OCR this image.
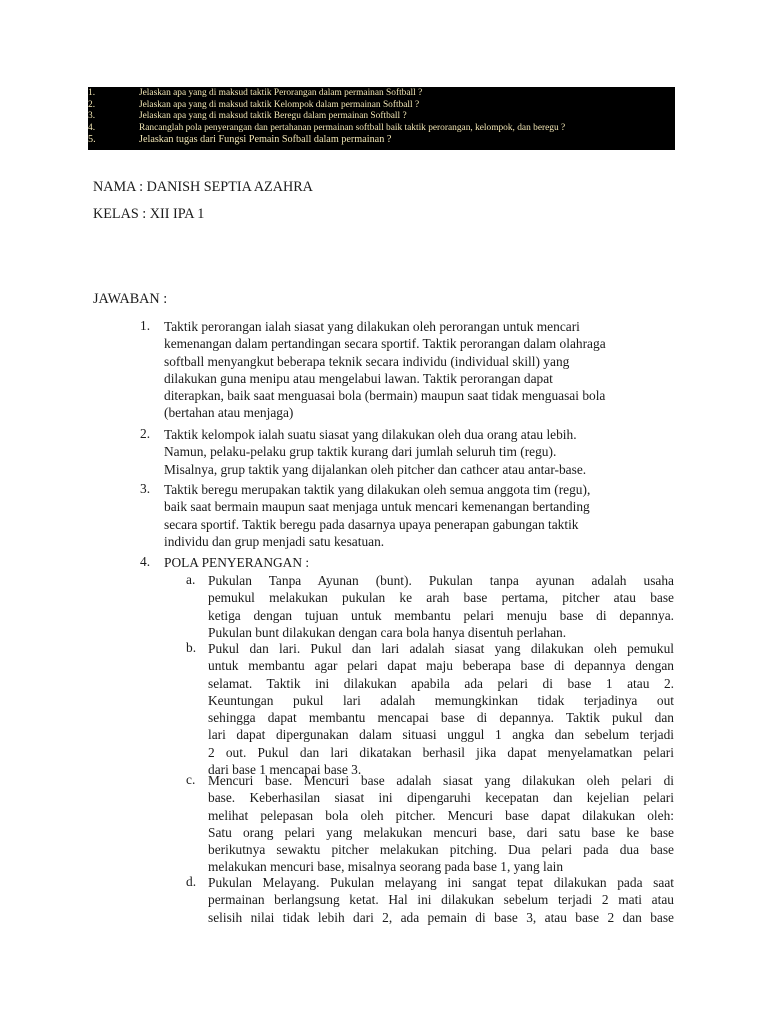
1.	Jelaskan apa yang di maksud taktik Perorangan dalam permainan Softball ?
2.	Jelaskan apa yang di maksud taktik Kelompok dalam permainan Softball ?
3.	Jelaskan apa yang di maksud taktik Beregu dalam permainan Softball ?
4.	Rancanglah pola penyerangan dan pertahanan permainan softball baik taktik perorangan, kelompok, dan beregu ?
5.	Jelaskan tugas dari Fungsi Pemain Sofball dalam permainan ?
NAMA : DANISH SEPTIA AZAHRA
KELAS : XII IPA 1
JAWABAN :
1. Taktik perorangan ialah siasat yang dilakukan oleh perorangan untuk mencari
kemenangan dalam pertandingan secara sportif. Taktik perorangan dalam olahraga
softball menyangkut beberapa teknik secara individu (individual skill) yang
dilakukan guna menipu atau mengelabui lawan. Taktik perorangan dapat
diterapkan, baik saat menguasai bola (bermain) maupun saat tidak menguasai bola
(bertahan atau menjaga)
2. Taktik kelompok ialah suatu siasat yang dilakukan oleh dua orang atau lebih.
Namun, pelaku-pelaku grup taktik kurang dari jumlah seluruh tim (regu).
Misalnya, grup taktik yang dijalankan oleh pitcher dan cathcer atau antar-base.
3. Taktik beregu merupakan taktik yang dilakukan oleh semua anggota tim (regu),
baik saat bermain maupun saat menjaga untuk mencari kemenangan bertanding
secara sportif. Taktik beregu pada dasarnya upaya penerapan gabungan taktik
individu dan grup menjadi satu kesatuan.
4. POLA PENYERANGAN :
a. Pukulan Tanpa Ayunan (bunt). Pukulan tanpa ayunan adalah usaha
pemukul melakukan pukulan ke arah base pertama, pitcher atau base
ketiga dengan tujuan untuk membantu pelari menuju base di depannya.
Pukulan bunt dilakukan dengan cara bola hanya disentuh perlahan.
b. Pukul dan lari. Pukul dan lari adalah siasat yang dilakukan oleh pemukul
untuk membantu agar pelari dapat maju beberapa base di depannya dengan
selamat. Taktik ini dilakukan apabila ada pelari di base 1 atau 2.
Keuntungan pukul lari adalah memungkinkan tidak terjadinya out
sehingga dapat membantu mencapai base di depannya. Taktik pukul dan
lari dapat dipergunakan dalam situasi unggul 1 angka dan sebelum terjadi
2 out. Pukul dan lari dikatakan berhasil jika dapat menyelamatkan pelari
dari base 1 mencapai base 3.
c. Mencuri base. Mencuri base adalah siasat yang dilakukan oleh pelari di
base. Keberhasilan siasat ini dipengaruhi kecepatan dan kejelian pelari
melihat pelepasan bola oleh pitcher. Mencuri base dapat dilakukan oleh:
Satu orang pelari yang melakukan mencuri base, dari satu base ke base
berikutnya sewaktu pitcher melakukan pitching. Dua pelari pada dua base
melakukan mencuri base, misalnya seorang pada base 1, yang lain
d. Pukulan Melayang. Pukulan melayang ini sangat tepat dilakukan pada saat
permainan berlangsung ketat. Hal ini dilakukan sebelum terjadi 2 mati atau
selisih nilai tidak lebih dari 2, ada pemain di base 3, atau base 2 dan base
